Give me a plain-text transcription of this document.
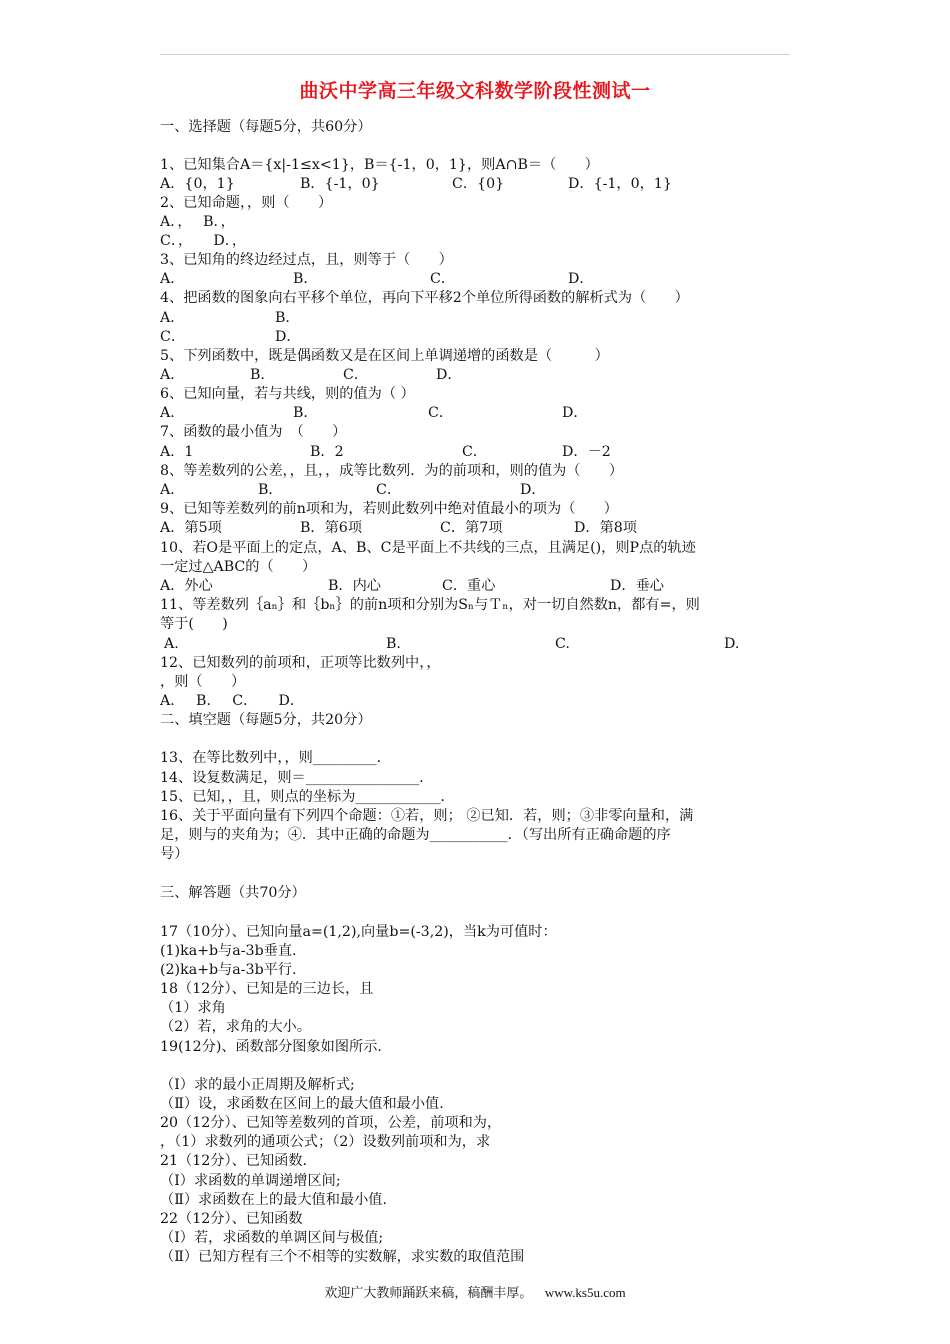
曲沃中学高三年级文科数学阶段性测试一
一、选择题（每题5分，共60分）
1、已知集合A＝{x|-1≤x<1}，B＝{-1，0，1}，则A∩B＝（　　）
A．{0，1}	B．{-1，0}	C．{0}	D．{-1，0，1}
2、已知命题，，则（　　）
A．，　 B．，
C．，　　D．，
3、已知角的终边经过点，且，则等于（　　）
A．	B．	C．	D．
4、把函数的图象向右平移个单位，再向下平移2个单位所得函数的解析式为（　　）
A．	B．
C．	D．
5、下列函数中，既是偶函数又是在区间上单调递增的函数是（　　　）
A．	B．	C．	D．
6、已知向量，若与共线，则的值为（ ）
A．	B．	C．	D．
7、函数的最小值为　（　　）
A．1	B．2	C．	D．－2
8、等差数列的公差，，且，，成等比数列．为的前项和，则的值为（　　）
A．	B．	C．	D．
9、已知等差数列的前n项和为，若则此数列中绝对值最小的项为（　　）
A．第5项	B．第6项	C．第7项	D．第8项
10、若O是平面上的定点，A、B、C是平面上不共线的三点，且满足()，则P点的轨迹
一定过△ABC的（　　）
A．外心	B．内心	C．重心	D．垂心
11、等差数列｛aₙ｝和｛bₙ｝的前n项和分别为Sₙ与Ｔₙ，对一切自然数n，都有=，则
等于(　　)
A.	B.	C.	D.
12、已知数列的前项和，正项等比数列中，，
，则（　　）
A．　 B．　 C．　　D．
二、填空题（每题5分，共20分）
13、在等比数列中，，则_________．
14、设复数满足，则＝________________．
15、已知，，且，则点的坐标为____________．
16、关于平面向量有下列四个命题：①若，则； ②已知．若，则；③非零向量和，满
足，则与的夹角为；④．其中正确的命题为___________．（写出所有正确命题的序
号）
三、解答题（共70分）
17（10分）、已知向量a=(1,2),向量b=(-3,2)，当k为可值时：
(1)ka+b与a-3b垂直.
(2)ka+b与a-3b平行.
18（12分）、已知是的三边长，且
（1）求角
（2）若，求角的大小。
19(12分)、函数部分图象如图所示.
（Ⅰ）求的最小正周期及解析式;
（Ⅱ）设，求函数在区间上的最大值和最小值.
20（12分）、已知等差数列的首项，公差，前项和为，
，（1）求数列的通项公式；（2）设数列前项和为，求
21（12分）、已知函数.
（Ⅰ）求函数的单调递增区间;
（Ⅱ）求函数在上的最大值和最小值.
22（12分）、已知函数
（Ⅰ）若，求函数的单调区间与极值;
（Ⅱ）已知方程有三个不相等的实数解，求实数的取值范围
欢迎广大教师踊跃来稿，稿酬丰厚。 www.ks5u.com
